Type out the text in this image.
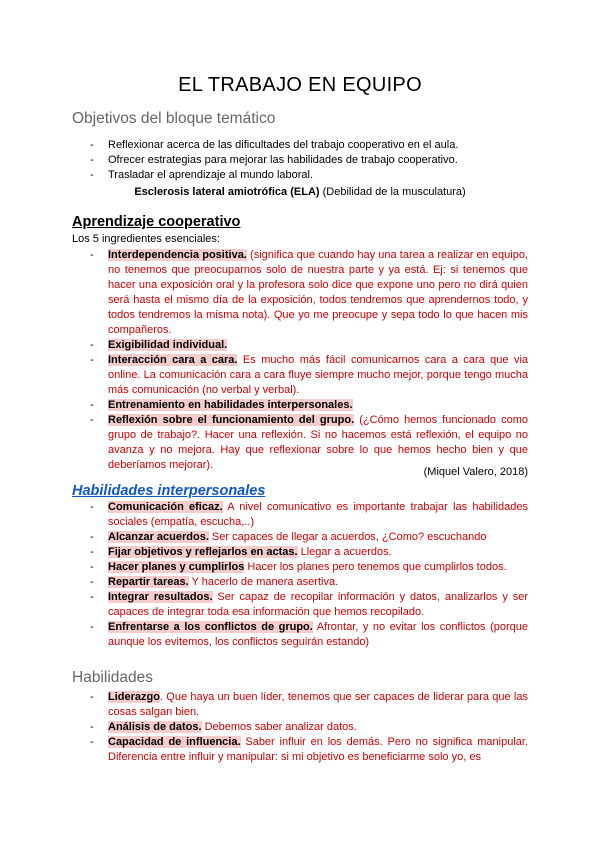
EL TRABAJO EN EQUIPO
Objetivos del bloque temático
- Reflexionar acerca de las dificultades del trabajo cooperativo en el aula.
- Ofrecer estrategias para mejorar las habilidades de trabajo cooperativo.
- Trasladar el aprendizaje al mundo laboral.
Esclerosis lateral amiotrófica (ELA) (Debilidad de la musculatura)
Aprendizaje cooperativo
Los 5 ingredientes esenciales:
- Interdependencia positiva. (significa que cuando hay una tarea a realizar en equipo, no tenemos que preocuparnos solo de nuestra parte y ya está. Ej: si tenemos que hacer una exposición oral y la profesora solo dice que expone uno pero no dirá quien será hasta el mismo día de la exposición, todos tendremos que aprendernos todo, y todos tendremos la misma nota). Que yo me preocupe y sepa todo lo que hacen mis compañeros.
- Exigibilidad individual.
- Interacción cara a cara. Es mucho más fácil comunicarnos cara a cara que via online. La comunicación cara a cara fluye siempre mucho mejor, porque tengo mucha más comunicación (no verbal y verbal).
- Entrenamiento en habilidades interpersonales.
- Reflexión sobre el funcionamiento del grupo. (¿Cómo hemos funcionado como grupo de trabajo?. Hacer una reflexión. Si no hacemos está reflexión, el equipo no avanza y no mejora. Hay que reflexionar sobre lo que hemos hecho bien y que deberíamos mejorar).
(Miquel Valero, 2018)
Habilidades interpersonales
- Comunicación eficaz. A nivel comunicativo es importante trabajar las habilidades sociales (empatía, escucha,..)
- Alcanzar acuerdos. Ser capaces de llegar a acuerdos, ¿Como? escuchando
- Fijar objetivos y reflejarlos en actas. Llegar a acuerdos.
- Hacer planes y cumplirlos Hacer los planes pero tenemos que cumplirlos todos.
- Repartir tareas. Y hacerlo de manera asertiva.
- Integrar resultados. Ser capaz de recopilar información y datos, analizarlos y ser capaces de integrar toda esa información que hemos recopilado.
- Enfrentarse a los conflictos de grupo. Afrontar, y no evitar los conflictos (porque aunque los evitemos, los conflictos seguirán estando)
Habilidades
- Liderazgo. Que haya un buen líder, tenemos que ser capaces de liderar para que las cosas salgan bien.
- Análisis de datos. Debemos saber analizar datos.
- Capacidad de influencia. Saber influir en los demás. Pero no significa manipular. Diferencia entre influir y manipular: si mi objetivo es beneficiarme solo yo, es
